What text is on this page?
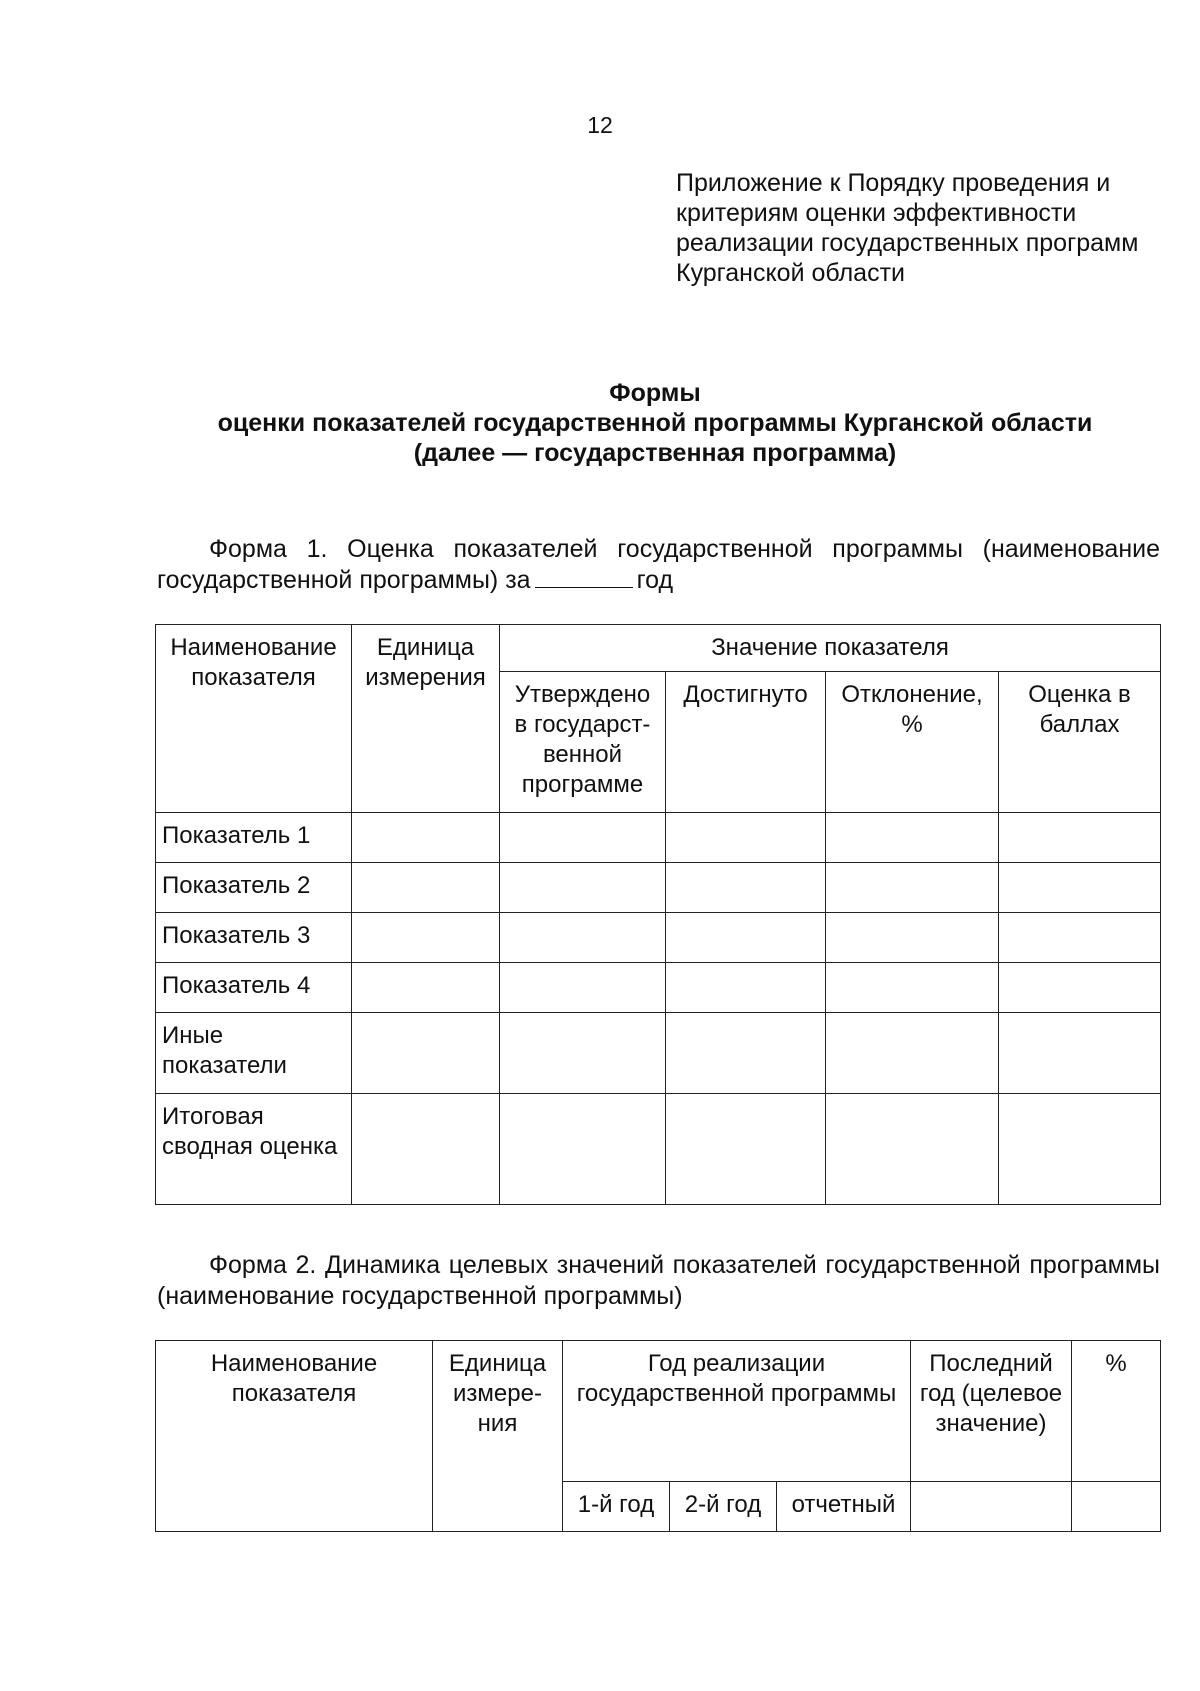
12
Приложение к Порядку проведения и
критериям оценки эффективности
реализации государственных программ
Курганской области
Формы
оценки показателей государственной программы Курганской области
(далее — государственная программа)
Форма 1. Оценка показателей государственной программы (наименование государственной программы) за	год
Наименование показателя	Единица измерения	Значение показателя			
		Утверждено в государст-венной программе	Достигнуто	Отклонение, %	Оценка в баллах
Показатель 1					
Показатель 2					
Показатель 3					
Показатель 4					
Иные показатели					
Итоговая сводная оценка					
Форма 2. Динамика целевых значений показателей государственной программы (наименование государственной программы)
Наименование показателя	Единица измере-ния	Год реализации государственной программы			Последний год (целевое значение)	%
		1-й год	2-й год	отчетный		
